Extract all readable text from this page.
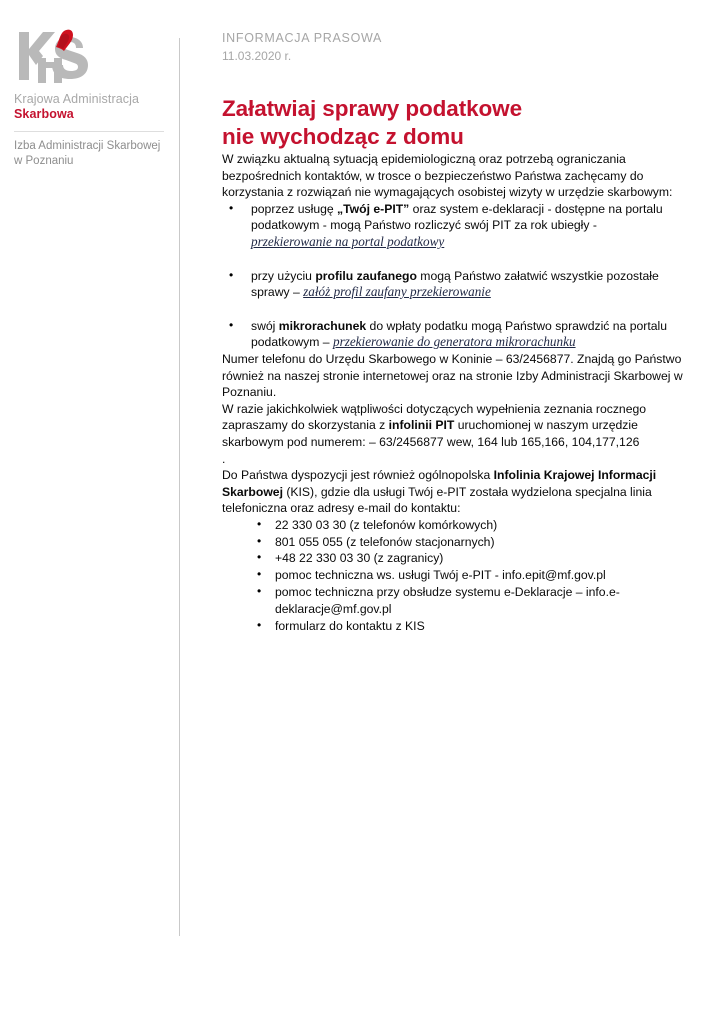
Krajowa Administracja
Skarbowa
Izba Administracji Skarbowej
w Poznaniu
INFORMACJA PRASOWA
11.03.2020 r.
Załatwiaj sprawy podatkowe
nie wychodząc z domu

W związku aktualną sytuacją epidemiologiczną oraz potrzebą ograniczania bezpośrednich kontaktów, w trosce o bezpieczeństwo Państwa zachęcamy do korzystania z rozwiązań nie wymagających osobistej wizyty w urzędzie skarbowym:

• poprzez usługę „Twój e-PIT” oraz system e-deklaracji - dostępne na portalu podatkowym - mogą Państwo rozliczyć swój PIT za rok ubiegły -
przekierowanie na portal podatkowy
• przy użyciu profilu zaufanego mogą Państwo załatwić wszystkie pozostałe sprawy – załóż profil zaufany przekierowanie
• swój mikrorachunek do wpłaty podatku mogą Państwo sprawdzić na portalu podatkowym – przekierowanie do generatora mikrorachunku

Numer telefonu do Urzędu Skarbowego w Koninie – 63/2456877. Znajdą go Państwo również na naszej stronie internetowej oraz na stronie Izby Administracji Skarbowej w Poznaniu.

W razie jakichkolwiek wątpliwości dotyczących wypełnienia zeznania rocznego zapraszamy do skorzystania z infolinii PIT uruchomionej w naszym urzędzie skarbowym pod numerem: – 63/2456877 wew, 164 lub 165,166, 104,177,126

.

Do Państwa dyspozycji jest również ogólnopolska Infolinia Krajowej Informacji Skarbowej (KIS), gdzie dla usługi Twój e-PIT została wydzielona specjalna linia telefoniczna oraz adresy e-mail do kontaktu:

• 22 330 03 30 (z telefonów komórkowych)
• 801 055 055 (z telefonów stacjonarnych)
• +48 22 330 03 30 (z zagranicy)
• pomoc techniczna ws. usługi Twój e-PIT - info.epit@mf.gov.pl
• pomoc techniczna przy obsłudze systemu e-Deklaracje – info.e-deklaracje@mf.gov.pl
• formularz do kontaktu z KIS
